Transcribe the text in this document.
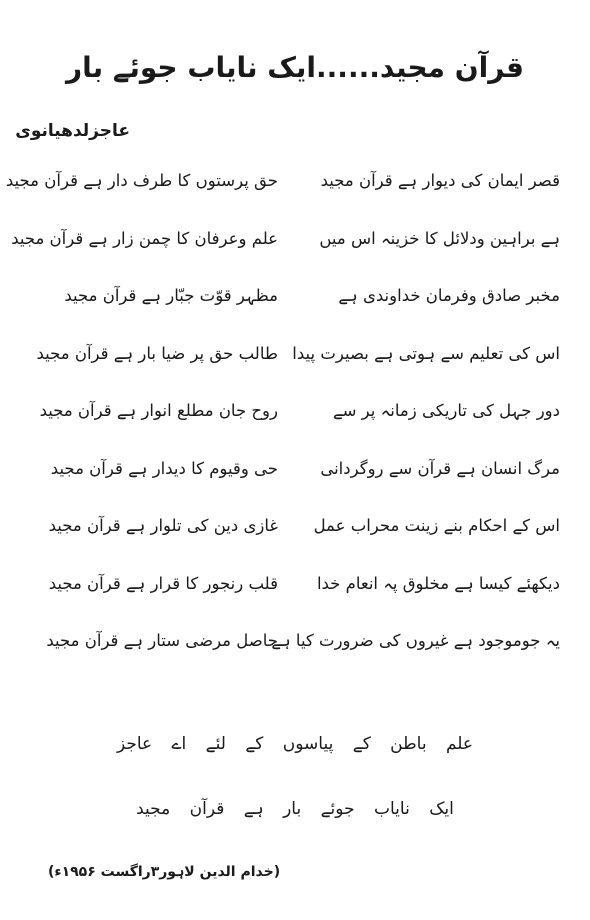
قرآن مجید......ایک نایاب جوئے بار
عاجزلدھیانوی
قصر ایمان کی دیوار ہے قرآن مجید
حق پرستوں کا طرف دار ہے قرآن مجید
ہے براہین ودلائل کا خزینہ اس میں
علم وعرفان کا چمن زار ہے قرآن مجید
مخبر صادق وفرمان خداوندی ہے
مظہر قوّت جبّار ہے قرآن مجید
اس کی تعلیم سے ہوتی ہے بصیرت پیدا
طالب حق پر ضیا بار ہے قرآن مجید
دور جہل کی تاریکی زمانہ پر سے
روح جان مطلع انوار ہے قرآن مجید
مرگ انسان ہے قرآن سے روگردانی
حی وقیوم کا دیدار ہے قرآن مجید
اس کے احکام بنے زینت محراب عمل
غازی دین کی تلوار ہے قرآن مجید
دیکھئے کیسا ہے مخلوق پہ انعام خدا
قلب رنجور کا قرار ہے قرآن مجید
یہ جوموجود ہے غیروں کی ضرورت کیا ہے
حاصل مرضی ستار ہے قرآن مجید
علم باطن کے پیاسوں کے لئے اے عاجز
ایک نایاب جوئے بار ہے قرآن مجید
(خدام الدین لاہور۳راگست ۱۹۵۶ء)
